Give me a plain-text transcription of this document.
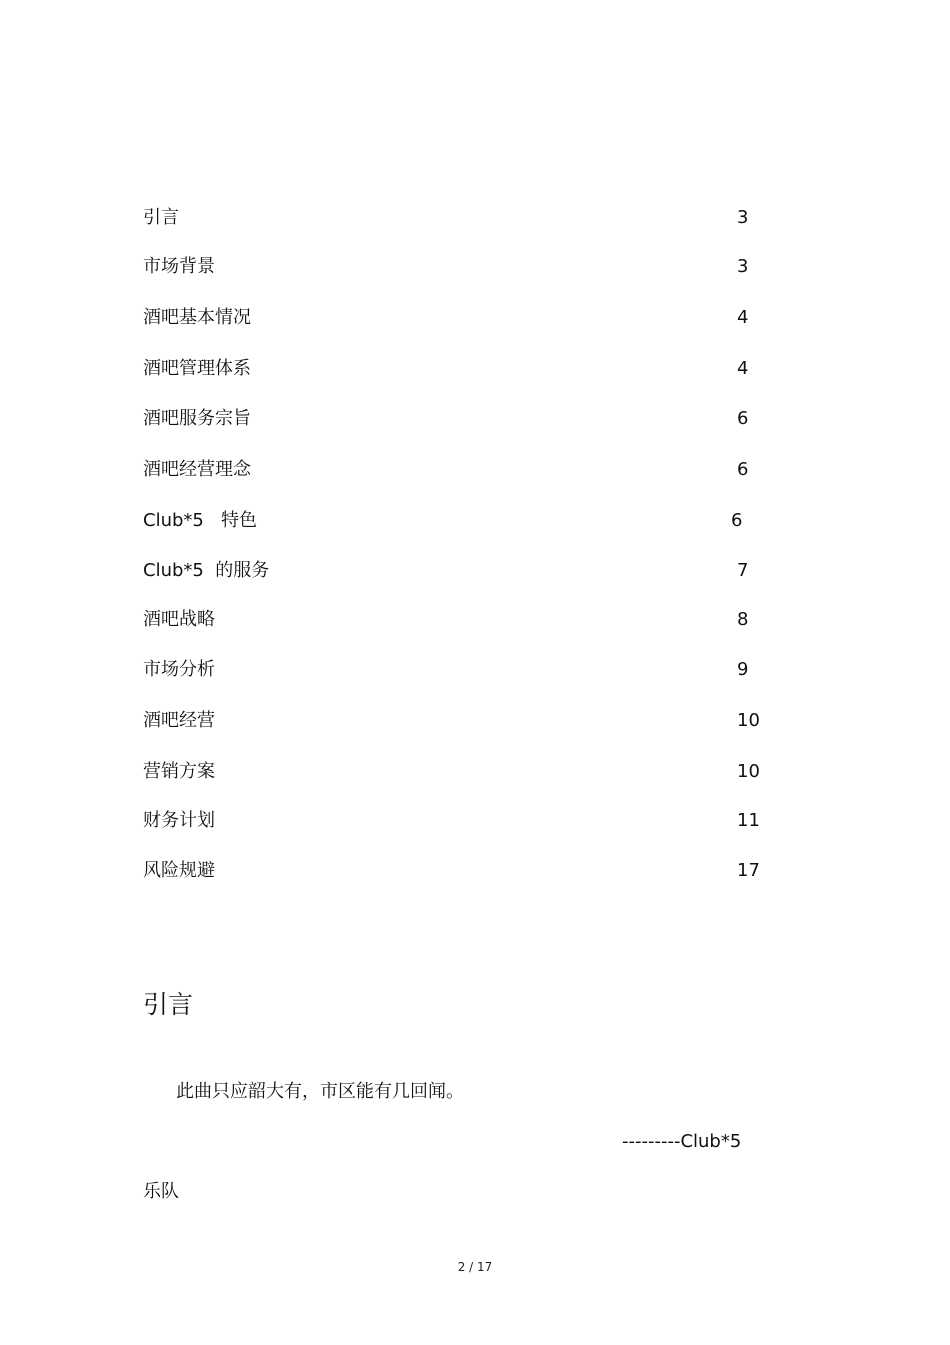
引言	3
市场背景	3
酒吧基本情况	4
酒吧管理体系	4
酒吧服务宗旨	6
酒吧经营理念	6
Club*5   特色	6
Club*5  的服务	7
酒吧战略	8
市场分析	9
酒吧经营	10
营销方案	10
财务计划	11
风险规避	17
引言

此曲只应韶大有，市区能有几回闻。

---------Club*5
乐队
2 / 17
